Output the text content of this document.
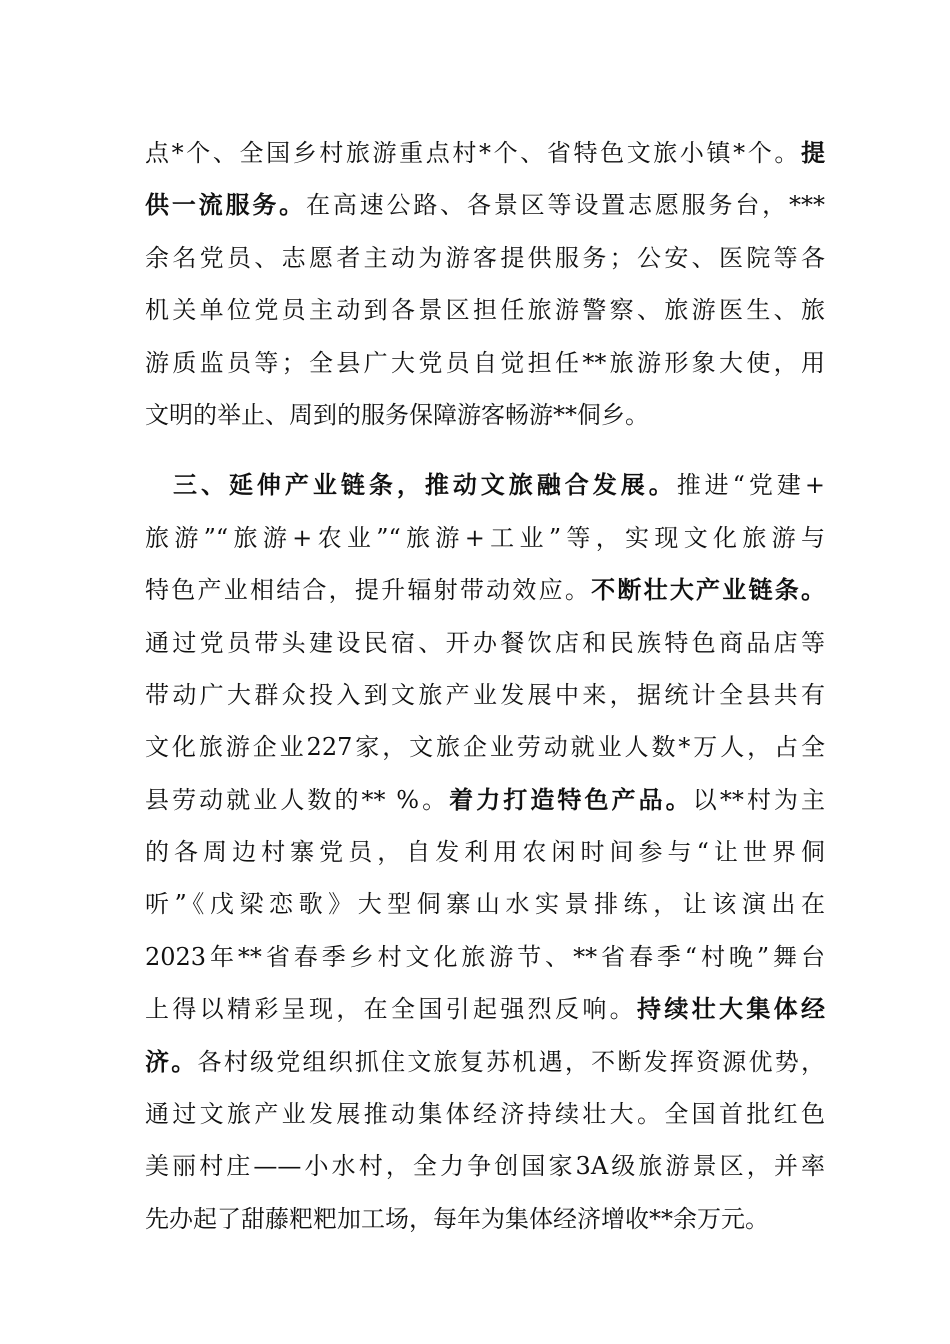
点*个、全国乡村旅游重点村*个、省特色文旅小镇*个。提
供一流服务。在高速公路、各景区等设置志愿服务台，***
余名党员、志愿者主动为游客提供服务；公安、医院等各
机关单位党员主动到各景区担任旅游警察、旅游医生、旅
游质监员等；全县广大党员自觉担任**旅游形象大使，用
文明的举止、周到的服务保障游客畅游**侗乡。
　三、延伸产业链条，推动文旅融合发展。推进“党建+
旅游”“旅游+农业”“旅游+工业”等，实现文化旅游与
特色产业相结合，提升辐射带动效应。不断壮大产业链条。
通过党员带头建设民宿、开办餐饮店和民族特色商品店等
带动广大群众投入到文旅产业发展中来，据统计全县共有
文化旅游企业227家，文旅企业劳动就业人数*万人，占全
县劳动就业人数的** %。着力打造特色产品。以**村为主
的各周边村寨党员，自发利用农闲时间参与“让世界侗
听”《戊梁恋歌》大型侗寨山水实景排练，让该演出在
2023年**省春季乡村文化旅游节、**省春季“村晚”舞台
上得以精彩呈现，在全国引起强烈反响。持续壮大集体经
济。各村级党组织抓住文旅复苏机遇，不断发挥资源优势，
通过文旅产业发展推动集体经济持续壮大。全国首批红色
美丽村庄——小水村，全力争创国家3A级旅游景区，并率
先办起了甜藤粑粑加工场，每年为集体经济增收**余万元。
